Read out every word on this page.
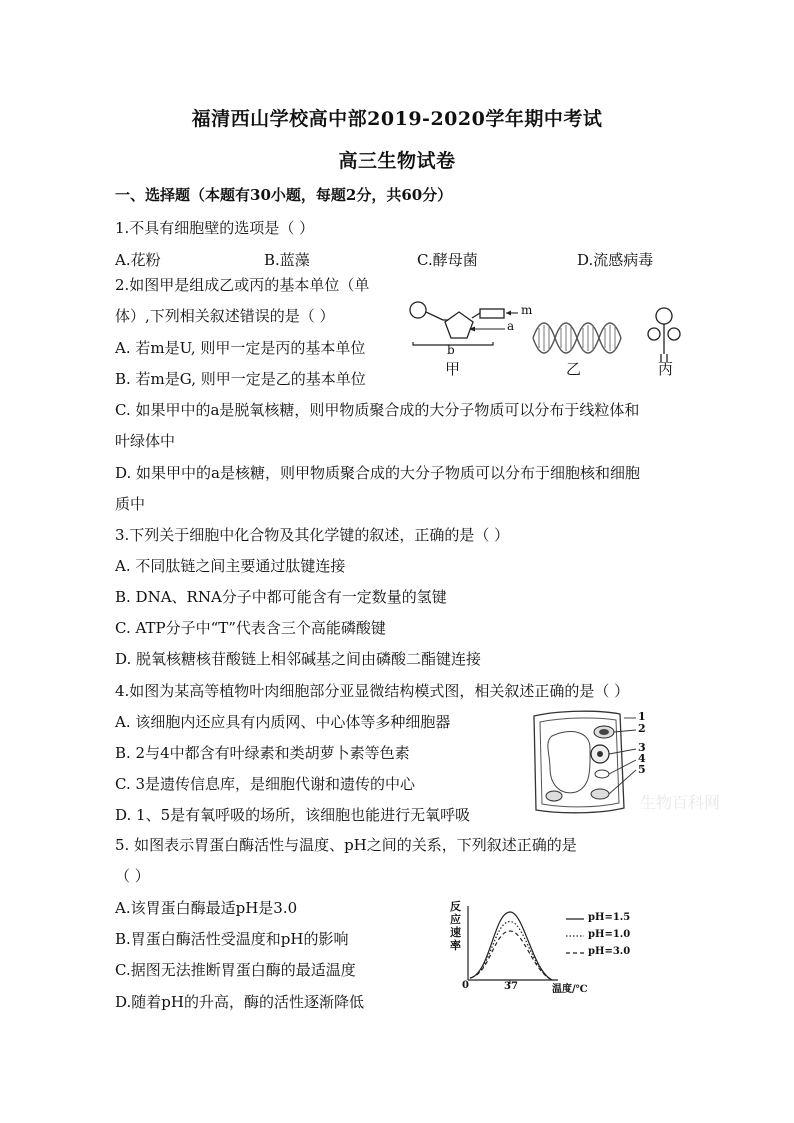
福清西山学校高中部2019-2020学年期中考试
高三生物试卷
一、选择题（本题有30小题，每题2分，共60分）
1.不具有细胞壁的选项是（ ）
A.花粉	B.蓝藻	C.酵母菌	D.流感病毒
2.如图甲是组成乙或丙的基本单位（单
体）,下列相关叙述错误的是（ ）
A. 若m是U, 则甲一定是丙的基本单位
B. 若m是G, 则甲一定是乙的基本单位
C. 如果甲中的a是脱氧核糖，则甲物质聚合成的大分子物质可以分布于线粒体和
叶绿体中
D. 如果甲中的a是核糖，则甲物质聚合成的大分子物质可以分布于细胞核和细胞
质中
m
a
b
甲	乙	丙
3.下列关于细胞中化合物及其化学键的叙述，正确的是（ ）
A. 不同肽链之间主要通过肽键连接
B. DNA、RNA分子中都可能含有一定数量的氢键
C. ATP分子中“T”代表含三个高能磷酸键
D. 脱氧核糖核苷酸链上相邻碱基之间由磷酸二酯键连接
4.如图为某高等植物叶肉细胞部分亚显微结构模式图，相关叙述正确的是（ ）
A. 该细胞内还应具有内质网、中心体等多种细胞器
B. 2与4中都含有叶绿素和类胡萝卜素等色素
C. 3是遗传信息库，是细胞代谢和遗传的中心
D. 1、5是有氧呼吸的场所，该细胞也能进行无氧呼吸
1
2
3
4
5
生物百科网
5. 如图表示胃蛋白酶活性与温度、pH之间的关系，下列叙述正确的是
（ ）
A.该胃蛋白酶最适pH是3.0
B.胃蛋白酶活性受温度和pH的影响
C.据图无法推断胃蛋白酶的最适温度
D.随着pH的升高，酶的活性逐渐降低
反应速率
0	37	温度/℃
pH=1.5
pH=1.0
pH=3.0
